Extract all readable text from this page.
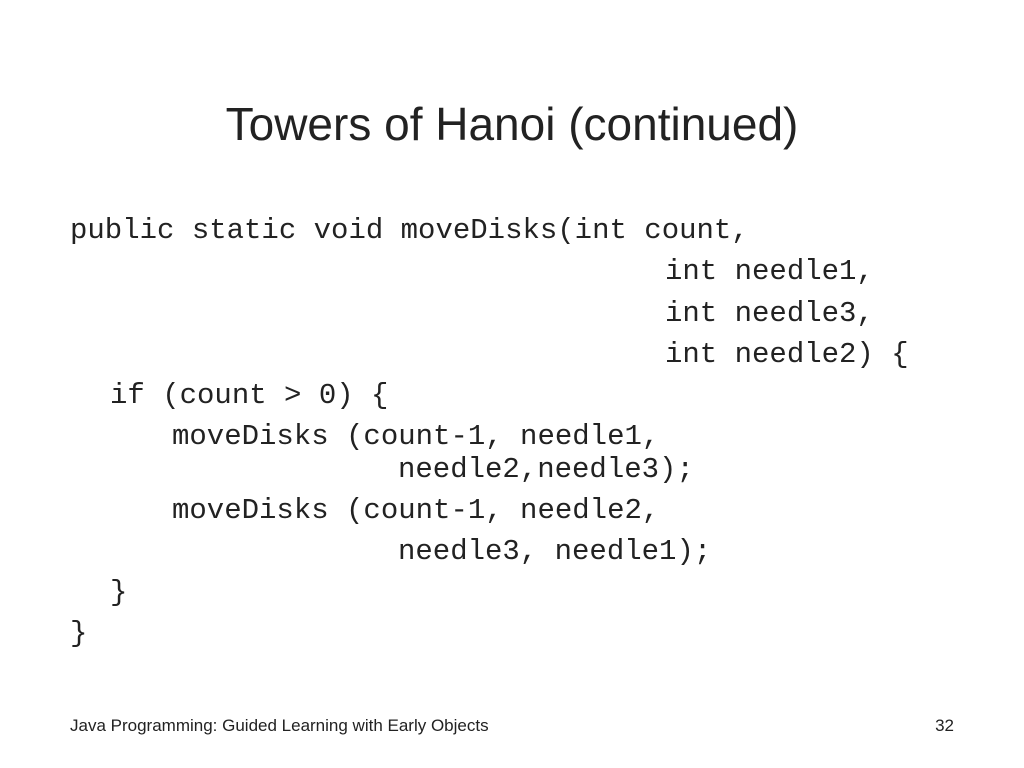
Towers of Hanoi (continued)
public static void moveDisks(int count,
int needle1,
int needle3,
int needle2) {
if (count > 0) {
moveDisks (count-1, needle1,
needle2,needle3);
moveDisks (count-1, needle2,
needle3, needle1);
}
}
Java Programming: Guided Learning with Early Objects	32
